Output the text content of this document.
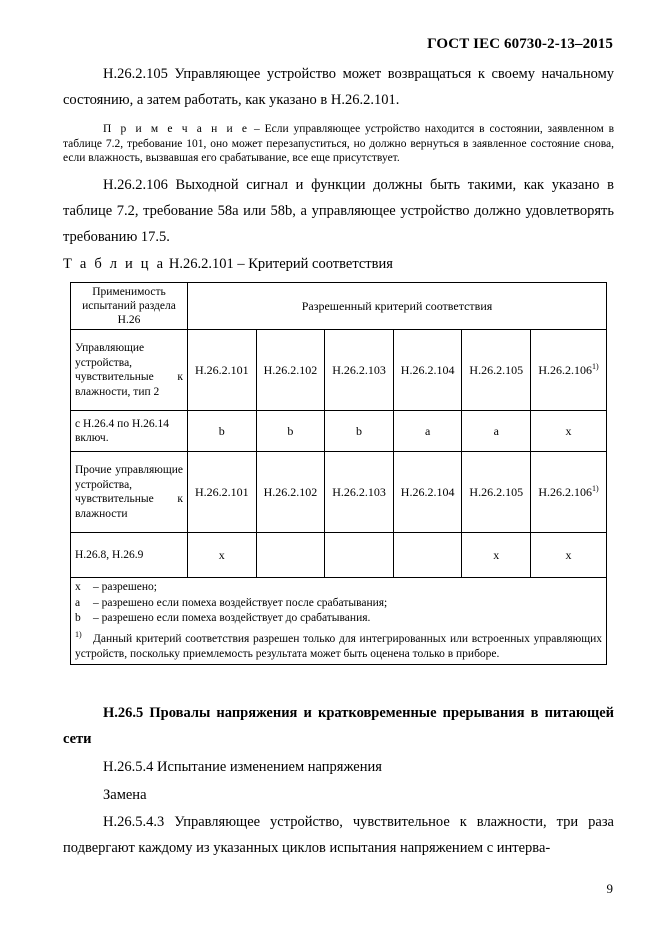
ГОСТ IEC 60730-2-13–2015

Н.26.2.105 Управляющее устройство может возвращаться к своему начальному состоянию, а затем работать, как указано в Н.26.2.101.

П р и м е ч а н и е – Если управляющее устройство находится в состоянии, заявленном в таблице 7.2, требование 101, оно может перезапуститься, но должно вернуться в заявленное состояние снова, если влажность, вызвавшая его срабатывание, все еще присутствует.

Н.26.2.106 Выходной сигнал и функции должны быть такими, как указано в таблице 7.2, требование 58а или 58b, а управляющее устройство должно удовлетворять требованию 17.5.

Т а б л и ц а Н.26.2.101 – Критерий соответствия
Применимость испытаний раздела Н.26	Разрешенный критерий соответствия					
Управляющие устройства, чувствительные к влажности, тип 2	Н.26.2.101	Н.26.2.102	Н.26.2.103	Н.26.2.104	Н.26.2.105	Н.26.2.106$^{1)}$
с Н.26.4 по Н.26.14 включ.	b	b	b	a	a	x
Прочие управляющие устройства, чувствительные к влажности	Н.26.2.101	Н.26.2.102	Н.26.2.103	Н.26.2.104	Н.26.2.105	Н.26.2.106$^{1)}$
Н.26.8, Н.26.9	x				x	x

x – разрешено;
a – разрешено если помеха воздействует после срабатывания;
b – разрешено если помеха воздействует до срабатывания.
$^{1)}$ Данный критерий соответствия разрешен только для интегрированных или встроенных управляющих устройств, поскольку приемлемость результата может быть оценена только в приборе.						

Н.26.5 Провалы напряжения и кратковременные прерывания в питающей сети

Н.26.5.4 Испытание изменением напряжения

Замена

Н.26.5.4.3 Управляющее устройство, чувствительное к влажности, три раза подвергают каждому из указанных циклов испытания напряжением с интерва-

9
